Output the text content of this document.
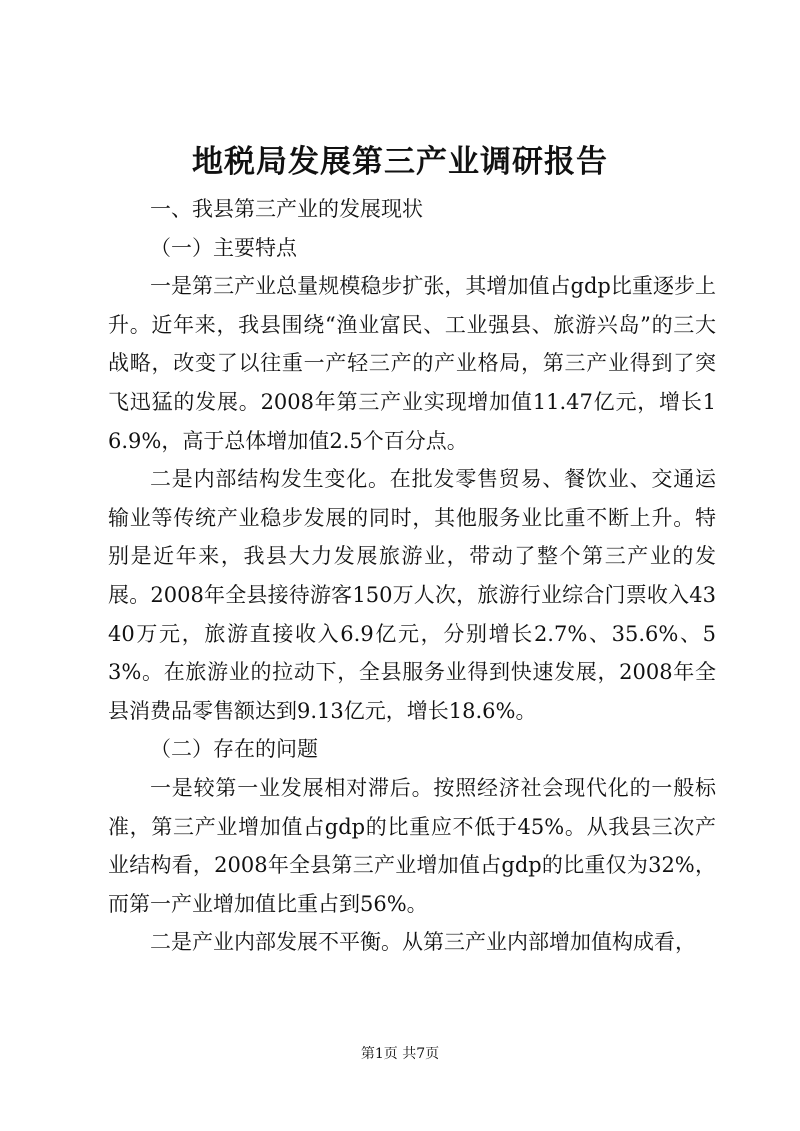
地税局发展第三产业调研报告

一、我县第三产业的发展现状

（一）主要特点

一是第三产业总量规模稳步扩张，其增加值占gdp比重逐步上升。近年来，我县围绕“渔业富民、工业强县、旅游兴岛”的三大战略，改变了以往重一产轻三产的产业格局，第三产业得到了突飞迅猛的发展。2008年第三产业实现增加值11.47亿元，增长16.9%，高于总体增加值2.5个百分点。

二是内部结构发生变化。在批发零售贸易、餐饮业、交通运输业等传统产业稳步发展的同时，其他服务业比重不断上升。特别是近年来，我县大力发展旅游业，带动了整个第三产业的发展。2008年全县接待游客150万人次，旅游行业综合门票收入4340万元，旅游直接收入6.9亿元，分别增长2.7%、35.6%、53%。在旅游业的拉动下，全县服务业得到快速发展，2008年全县消费品零售额达到9.13亿元，增长18.6%。

（二）存在的问题

一是较第一业发展相对滞后。按照经济社会现代化的一般标准，第三产业增加值占gdp的比重应不低于45%。从我县三次产业结构看，2008年全县第三产业增加值占gdp的比重仅为32%，而第一产业增加值比重占到56%。

二是产业内部发展不平衡。从第三产业内部增加值构成看，

第1页 共7页
